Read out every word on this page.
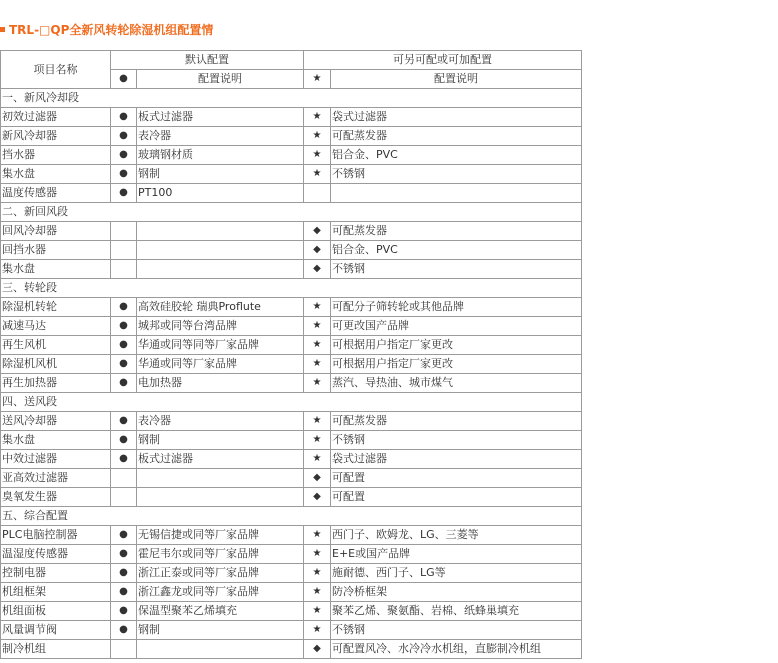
TRL-□QP全新风转轮除湿机组配置情
项目名称	默认配置		可另可配或可加配置	
	●	配置说明	★	配置说明
一、新风冷却段				
初效过滤器	●	板式过滤器	★	袋式过滤器
新风冷却器	●	表冷器	★	可配蒸发器
挡水器	●	玻璃钢材质	★	铝合金、PVC
集水盘	●	钢制	★	不锈钢
温度传感器	●	PT100		
二、新回风段				
回风冷却器			◆	可配蒸发器
回挡水器			◆	铝合金、PVC
集水盘			◆	不锈钢
三、转轮段				
除湿机转轮	●	高效硅胶轮 瑞典Proflute	★	可配分子筛转轮或其他品牌
减速马达	●	城邦或同等台湾品牌	★	可更改国产品牌
再生风机	●	华通或同等同等厂家品牌	★	可根据用户指定厂家更改
除湿机风机	●	华通或同等厂家品牌	★	可根据用户指定厂家更改
再生加热器	●	电加热器	★	蒸汽、导热油、城市煤气
四、送风段				
送风冷却器	●	表冷器	★	可配蒸发器
集水盘	●	钢制	★	不锈钢
中效过滤器	●	板式过滤器	★	袋式过滤器
亚高效过滤器			◆	可配置
臭氧发生器			◆	可配置
五、综合配置				
PLC电脑控制器	●	无锡信捷或同等厂家品牌	★	西门子、欧姆龙、LG、三菱等
温湿度传感器	●	霍尼韦尔或同等厂家品牌	★	E+E或国产品牌
控制电器	●	浙江正泰或同等厂家品牌	★	施耐德、西门子、LG等
机组框架	●	浙江鑫龙或同等厂家品牌	★	防冷桥框架
机组面板	●	保温型聚苯乙烯填充	★	聚苯乙烯、聚氨酯、岩棉、纸蜂巢填充
风量调节阀	●	钢制	★	不锈钢
制冷机组			◆	可配置风冷、水冷冷水机组，直膨制冷机组
